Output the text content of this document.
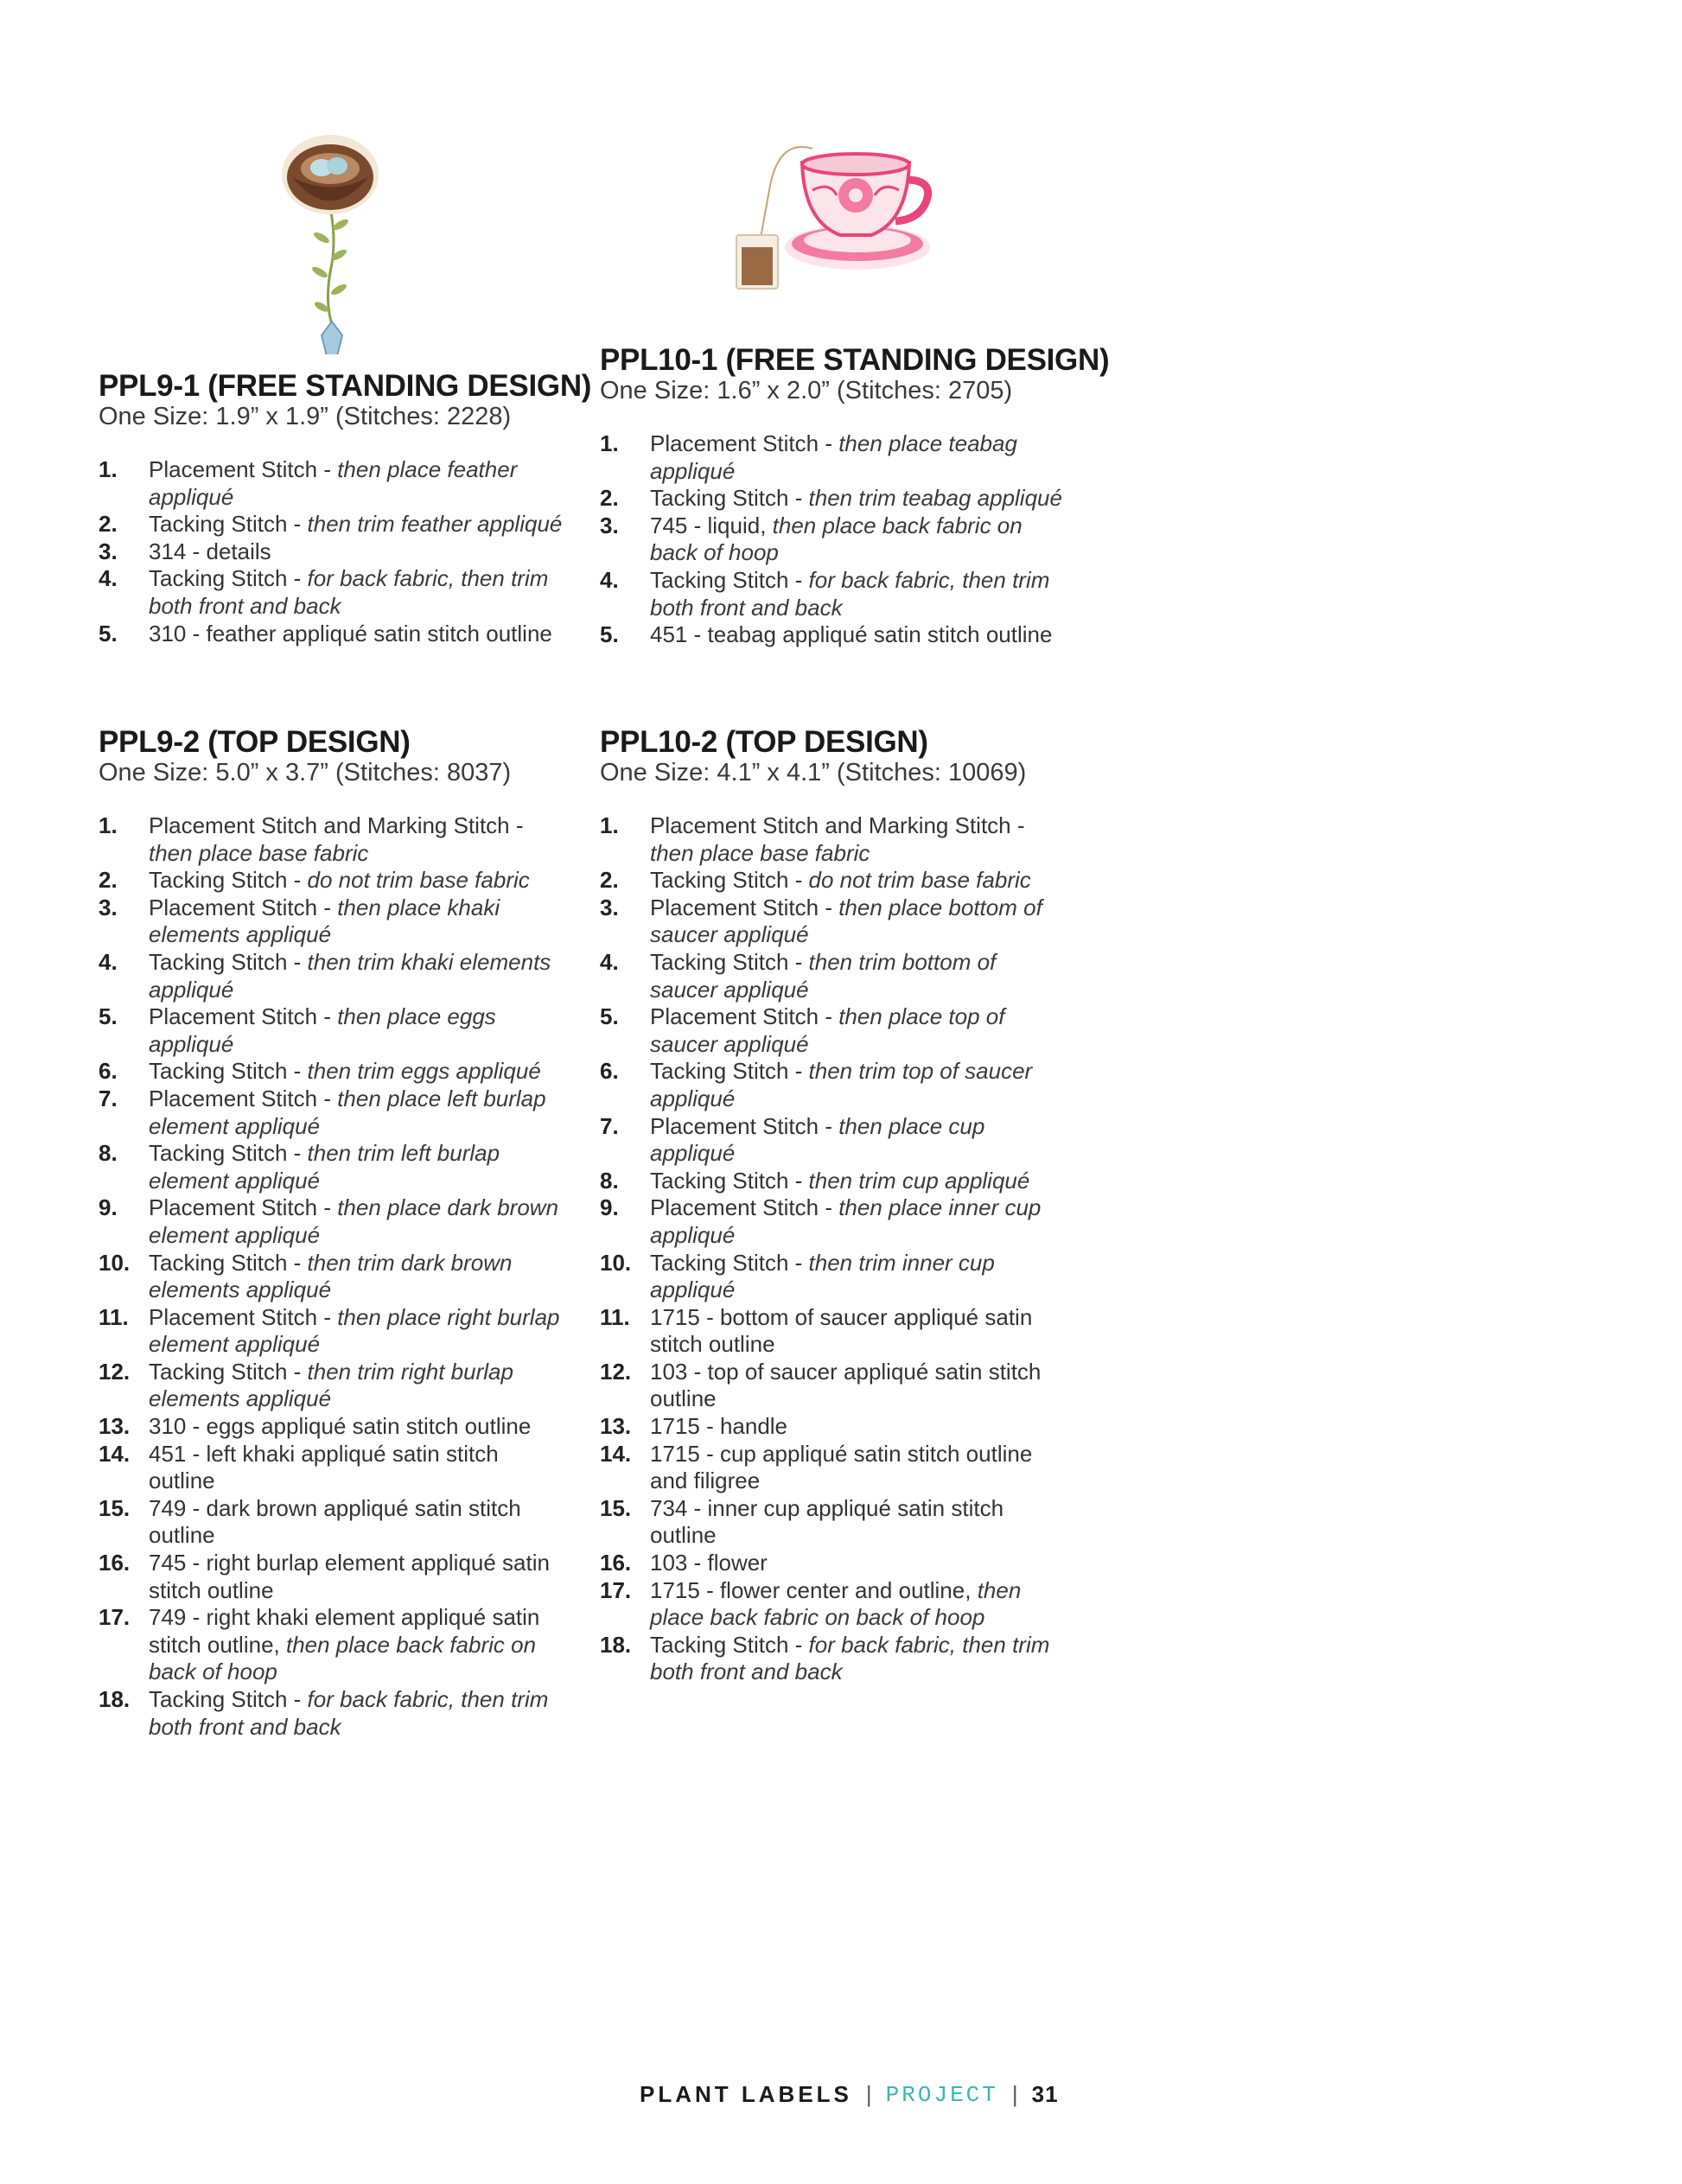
PPL9-1 (FREE STANDING DESIGN)
One Size: 1.9” x 1.9” (Stitches: 2228)
1. Placement Stitch - then place feather appliqué
2. Tacking Stitch - then trim feather appliqué
3. 314 - details
4. Tacking Stitch - for back fabric, then trim both front and back
5. 310 - feather appliqué satin stitch outline
PPL10-1 (FREE STANDING DESIGN)
One Size: 1.6” x 2.0” (Stitches: 2705)
1. Placement Stitch - then place teabag appliqué
2. Tacking Stitch - then trim teabag appliqué
3. 745 - liquid, then place back fabric on back of hoop
4. Tacking Stitch - for back fabric, then trim both front and back
5. 451 - teabag appliqué satin stitch outline
PPL9-2 (TOP DESIGN)
One Size: 5.0” x 3.7” (Stitches: 8037)
1. Placement Stitch and Marking Stitch - then place base fabric
2. Tacking Stitch - do not trim base fabric
3. Placement Stitch - then place khaki elements appliqué
4. Tacking Stitch - then trim khaki elements appliqué
5. Placement Stitch - then place eggs appliqué
6. Tacking Stitch - then trim eggs appliqué
7. Placement Stitch - then place left burlap element appliqué
8. Tacking Stitch - then trim left burlap element appliqué
9. Placement Stitch - then place dark brown element appliqué
10. Tacking Stitch - then trim dark brown elements appliqué
11. Placement Stitch - then place right burlap element appliqué
12. Tacking Stitch - then trim right burlap elements appliqué
13. 310 - eggs appliqué satin stitch outline
14. 451 - left khaki appliqué satin stitch outline
15. 749 - dark brown appliqué satin stitch outline
16. 745 - right burlap element appliqué satin stitch outline
17. 749 - right khaki element appliqué satin stitch outline, then place back fabric on back of hoop
18. Tacking Stitch - for back fabric, then trim both front and back
PPL10-2 (TOP DESIGN)
One Size: 4.1” x 4.1” (Stitches: 10069)
1. Placement Stitch and Marking Stitch - then place base fabric
2. Tacking Stitch - do not trim base fabric
3. Placement Stitch - then place bottom of saucer appliqué
4. Tacking Stitch - then trim bottom of saucer appliqué
5. Placement Stitch - then place top of saucer appliqué
6. Tacking Stitch - then trim top of saucer appliqué
7. Placement Stitch - then place cup appliqué
8. Tacking Stitch - then trim cup appliqué
9. Placement Stitch - then place inner cup appliqué
10. Tacking Stitch - then trim inner cup appliqué
11. 1715 - bottom of saucer appliqué satin stitch outline
12. 103 - top of saucer appliqué satin stitch outline
13. 1715 - handle
14. 1715 - cup appliqué satin stitch outline and filigree
15. 734 - inner cup appliqué satin stitch outline
16. 103 - flower
17. 1715 - flower center and outline, then place back fabric on back of hoop
18. Tacking Stitch - for back fabric, then trim both front and back
PLANT LABELS | PROJECT | 31
